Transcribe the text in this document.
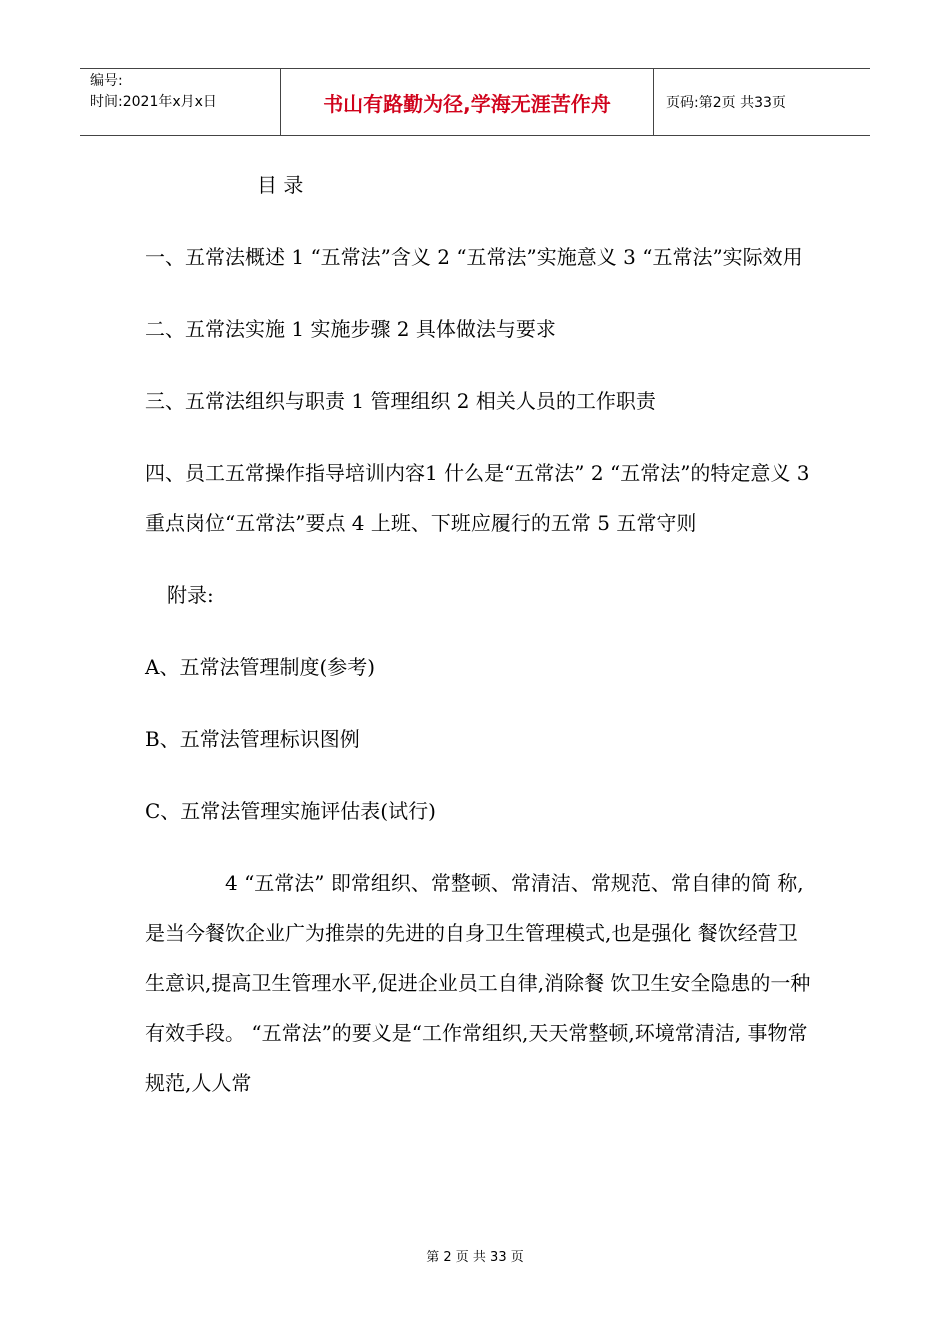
编号:
时间:2021年x月x日	书山有路勤为径,学海无涯苦作舟	页码:第2页 共33页

目 录

一、五常法概述 1 “五常法”含义 2 “五常法”实施意义 3 “五常法”实际效用

二、五常法实施 1 实施步骤 2 具体做法与要求

三、五常法组织与职责 1 管理组织 2 相关人员的工作职责

四、员工五常操作指导培训内容1 什么是“五常法” 2 “五常法”的特定意义 3 重点岗位“五常法”要点 4 上班、下班应履行的五常 5 五常守则

附录:

A、五常法管理制度(参考)

B、五常法管理标识图例

C、五常法管理实施评估表(试行)

4 “五常法” 即常组织、常整顿、常清洁、常规范、常自律的简 称,是当今餐饮企业广为推崇的先进的自身卫生管理模式,也是强化 餐饮经营卫生意识,提高卫生管理水平,促进企业员工自律,消除餐 饮卫生安全隐患的一种有效手段。 “五常法”的要义是“工作常组织,天天常整顿,环境常清洁, 事物常规范,人人常

第 2 页 共 33 页
